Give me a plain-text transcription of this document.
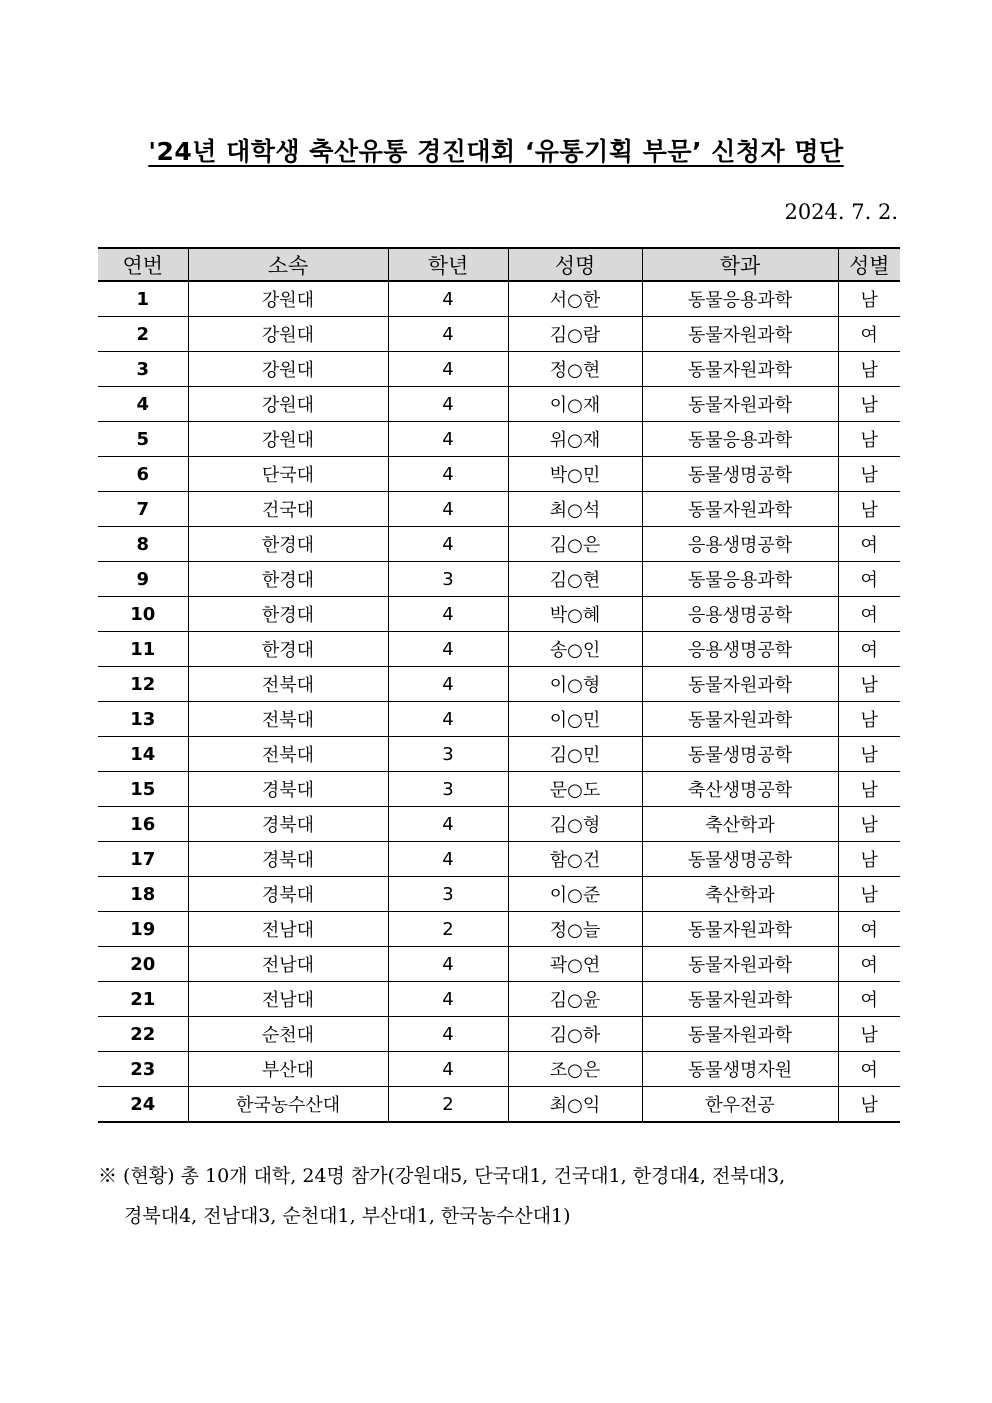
'24년 대학생 축산유통 경진대회 ‘유통기획 부문’ 신청자 명단
2024. 7. 2.
연번	소속	학년	성명	학과	성별
1	강원대	4	서○한	동물응용과학	남
2	강원대	4	김○람	동물자원과학	여
3	강원대	4	정○현	동물자원과학	남
4	강원대	4	이○재	동물자원과학	남
5	강원대	4	위○재	동물응용과학	남
6	단국대	4	박○민	동물생명공학	남
7	건국대	4	최○석	동물자원과학	남
8	한경대	4	김○은	응용생명공학	여
9	한경대	3	김○현	동물응용과학	여
10	한경대	4	박○혜	응용생명공학	여
11	한경대	4	송○인	응용생명공학	여
12	전북대	4	이○형	동물자원과학	남
13	전북대	4	이○민	동물자원과학	남
14	전북대	3	김○민	동물생명공학	남
15	경북대	3	문○도	축산생명공학	남
16	경북대	4	김○형	축산학과	남
17	경북대	4	함○건	동물생명공학	남
18	경북대	3	이○준	축산학과	남
19	전남대	2	정○늘	동물자원과학	여
20	전남대	4	곽○연	동물자원과학	여
21	전남대	4	김○윤	동물자원과학	여
22	순천대	4	김○하	동물자원과학	남
23	부산대	4	조○은	동물생명자원	여
24	한국농수산대	2	최○익	한우전공	남
※ (현황) 총 10개 대학, 24명 참가(강원대5, 단국대1, 건국대1, 한경대4, 전북대3,
경북대4, 전남대3, 순천대1, 부산대1, 한국농수산대1)
